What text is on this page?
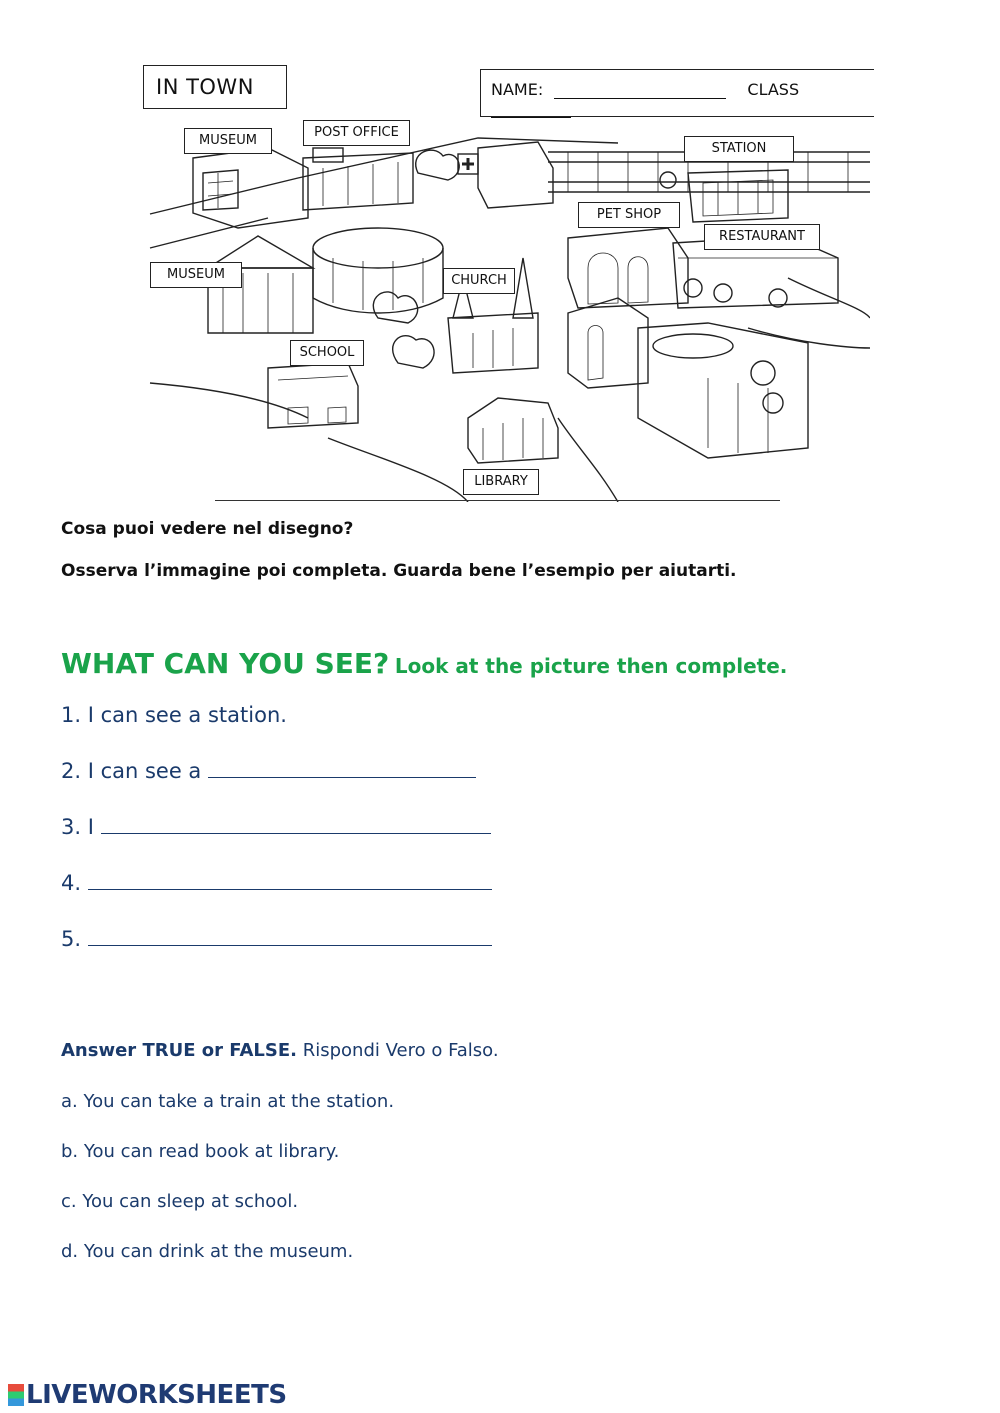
IN TOWN	NAME:	CLASS
MUSEUM
POST OFFICE
STATION
PET SHOP
RESTAURANT
MUSEUM	CHURCH
SCHOOL
LIBRARY
Cosa puoi vedere nel disegno?
Osserva l’immagine poi completa. Guarda bene l’esempio per aiutarti.
WHAT CAN YOU SEE? Look at the picture then complete.
1. I can see a station.
2. I can see a
3. I
4.
5.
Answer TRUE or FALSE. Rispondi Vero o Falso.
a. You can take a train at the station.
b. You can read book at library.
c. You can sleep at school.
d. You can drink at the museum.
LIVEWORKSHEETS
